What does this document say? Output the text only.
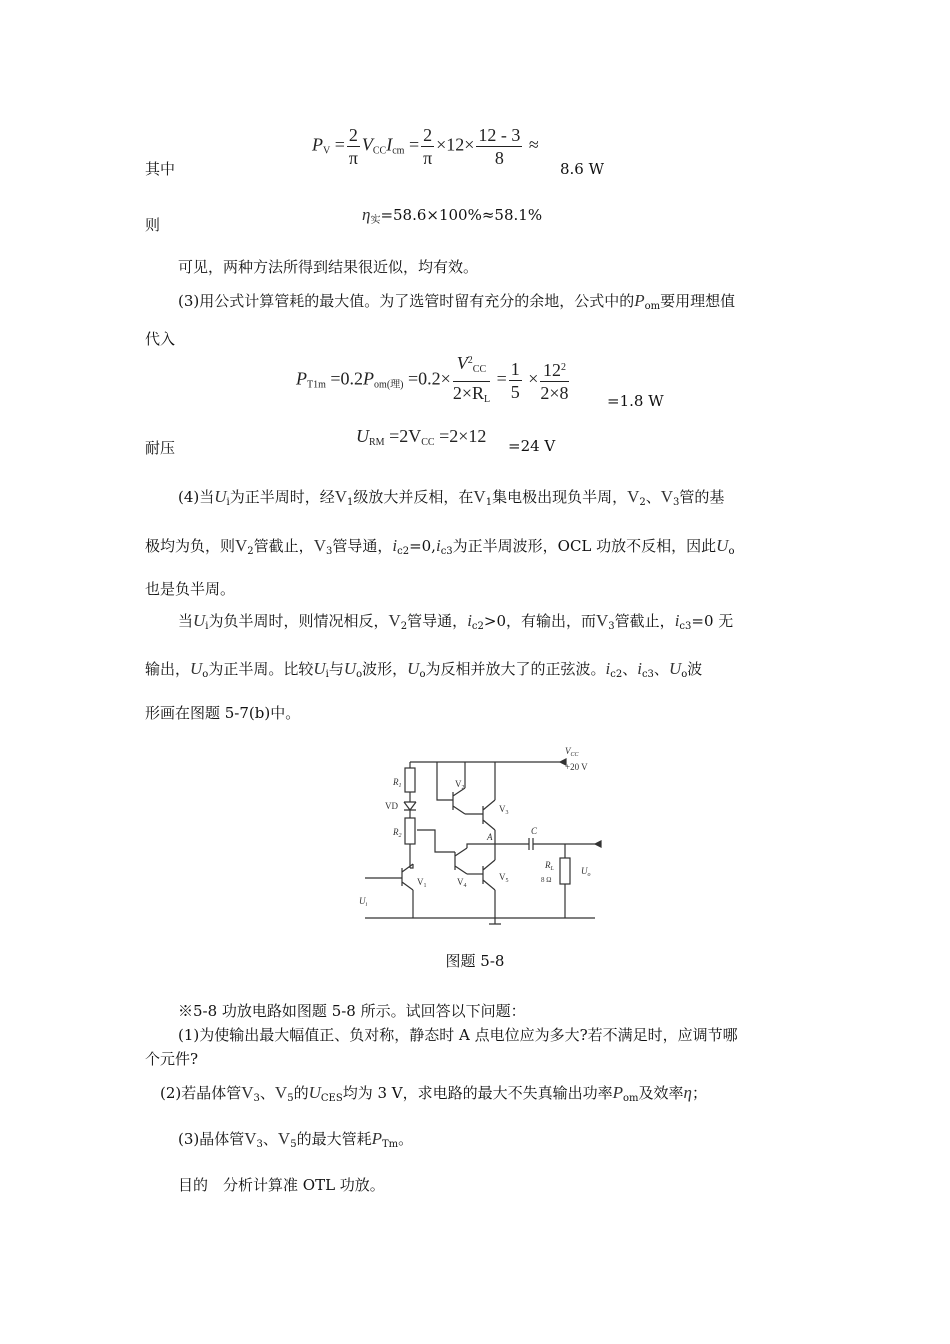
其中
$P_V = \frac{2}{\pi} V_{CC}I_{cm} = \frac{2}{\pi} \times 12\times \frac{12 - 3}{8}$ ≈
8.6 W
则
$\eta_实=58.6\times 100\%\approx 58.1\%$
可见，两种方法所得到结果很近似，均有效。
(3)用公式计算管耗的最大值。为了选管时留有充分的余地，公式中的$P_{om}$要用理想值
代入
$P_{T1m} =0.2P_{om(理)} =0.2\times \frac{V^2_{CC}}{2\times R_L} = \frac{1}{5} \times \frac{12^2}{2\times 8}$	=1.8 W
耐压
$U_{RM} =2V_{CC} =2\times 12 =24$ V
(4)当$U_i$为正半周时，经$V_1$级放大并反相，在$V_1$集电极出现负半周，$V_2$、$V_3$管的基
极均为负，则$V_2$管截止，$V_3$管导通，$i_{c2}=0,i_{c3}$为正半周波形，OCL 功放不反相，因此$U_o$
也是负半周。
当$U_i$为负半周时，则情况相反，$V_2$管导通，$i_{c2}>0$，有输出，而$V_3$管截止，$i_{c3}=0$ 无
输出，$U_o$为正半周。比较$U_i$与$U_o$波形，$U_o$为反相并放大了的正弦波。$i_{c2}$、$i_{c3}$、$U_o$波
形画在图题 5-7(b)中。
$V_{CC}$
+20 V
$R_1$
VD
$R_2$
$V_1$
$V_2$
$V_3$
$V_4$
$V_5$
C
A
$R_L$
8 Ω
$U_o$
$U_i$
图题 5-8
※5-8 功放电路如图题 5-8 所示。试回答以下问题：
(1)为使输出最大幅值正、负对称，静态时 A 点电位应为多大?若不满足时，应调节哪
个元件?
(2)若晶体管$V_3$、$V_5$的$U_{CES}$均为 3 V，求电路的最大不失真输出功率$P_{om}$及效率η；
(3)晶体管$V_3$、$V_5$的最大管耗$P_{Tm}$。
目的　分析计算准 OTL 功放。
